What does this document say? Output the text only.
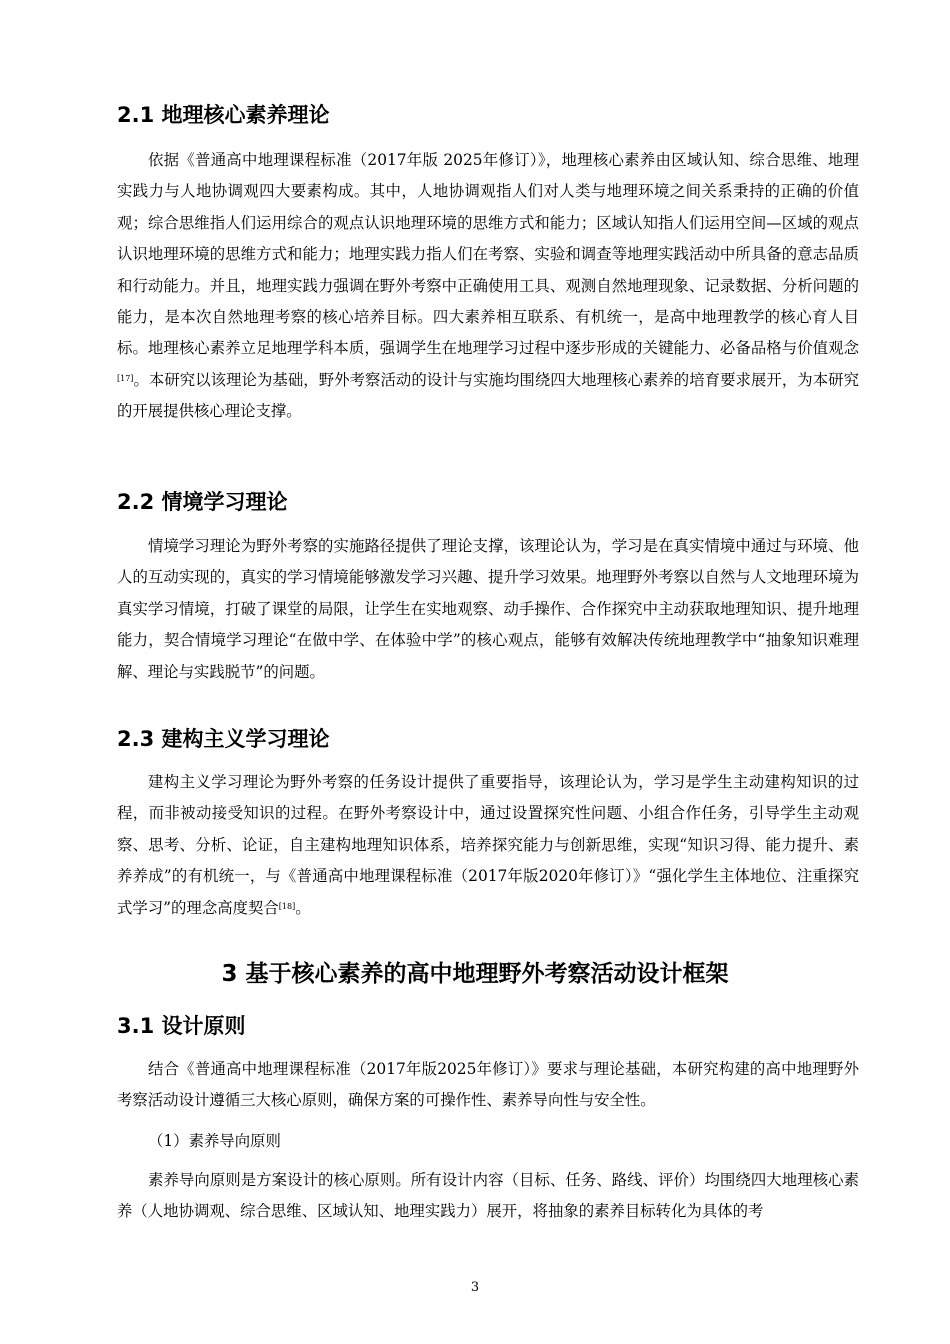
2.1 地理核心素养理论

依据《普通高中地理课程标准（2017年版 2025年修订）》，地理核心素养由区域认知、综合思维、地理实践力与人地协调观四大要素构成。其中，人地协调观指人们对人类与地理环境之间关系秉持的正确的价值观；综合思维指人们运用综合的观点认识地理环境的思维方式和能力；区域认知指人们运用空间—区域的观点认识地理环境的思维方式和能力；地理实践力指人们在考察、实验和调查等地理实践活动中所具备的意志品质和行动能力。并且，地理实践力强调在野外考察中正确使用工具、观测自然地理现象、记录数据、分析问题的能力，是本次自然地理考察的核心培养目标。四大素养相互联系、有机统一，是高中地理教学的核心育人目标。地理核心素养立足地理学科本质，强调学生在地理学习过程中逐步形成的关键能力、必备品格与价值观念[17]。本研究以该理论为基础，野外考察活动的设计与实施均围绕四大地理核心素养的培育要求展开，为本研究的开展提供核心理论支撑。

2.2 情境学习理论

情境学习理论为野外考察的实施路径提供了理论支撑，该理论认为，学习是在真实情境中通过与环境、他人的互动实现的，真实的学习情境能够激发学习兴趣、提升学习效果。地理野外考察以自然与人文地理环境为真实学习情境，打破了课堂的局限，让学生在实地观察、动手操作、合作探究中主动获取地理知识、提升地理能力，契合情境学习理论“在做中学、在体验中学”的核心观点，能够有效解决传统地理教学中“抽象知识难理解、理论与实践脱节”的问题。

2.3 建构主义学习理论

建构主义学习理论为野外考察的任务设计提供了重要指导，该理论认为，学习是学生主动建构知识的过程，而非被动接受知识的过程。在野外考察设计中，通过设置探究性问题、小组合作任务，引导学生主动观察、思考、分析、论证，自主建构地理知识体系，培养探究能力与创新思维，实现“知识习得、能力提升、素养养成”的有机统一，与《普通高中地理课程标准（2017年版2020年修订）》“强化学生主体地位、注重探究式学习”的理念高度契合[18]。

3 基于核心素养的高中地理野外考察活动设计框架
3.1 设计原则

结合《普通高中地理课程标准（2017年版2025年修订）》要求与理论基础，本研究构建的高中地理野外考察活动设计遵循三大核心原则，确保方案的可操作性、素养导向性与安全性。

（1）素养导向原则

素养导向原则是方案设计的核心原则。所有设计内容（目标、任务、路线、评价）均围绕四大地理核心素养（人地协调观、综合思维、区域认知、地理实践力）展开，将抽象的素养目标转化为具体的考

3
